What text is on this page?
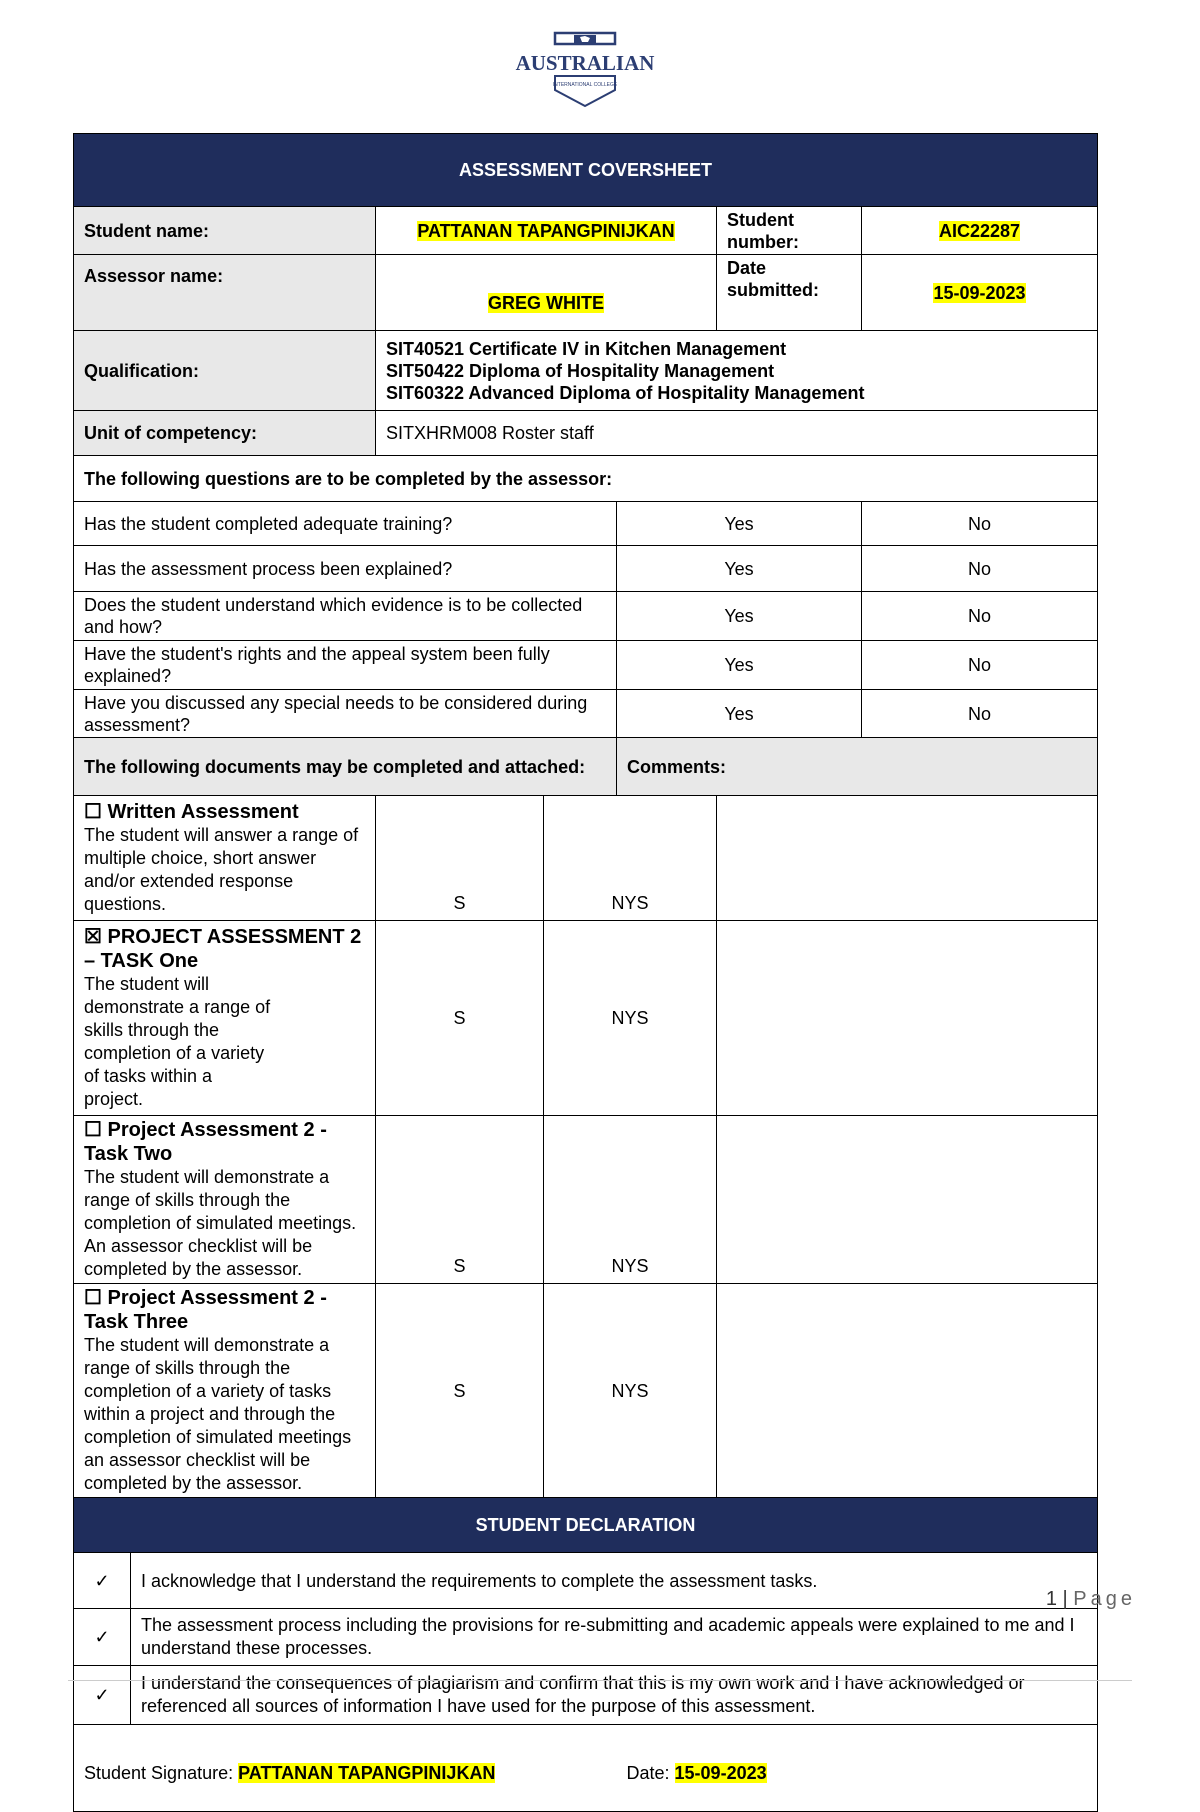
AUSTRALIAN
INTERNATIONAL COLLEGE
ASSESSMENT COVERSHEET
Student name:	PATTANAN TAPANGPINIJKAN	Student number:	AIC22287
Assessor name:	GREG WHITE	Date submitted:	15-09-2023
Qualification:	
SIT40521 Certificate IV in Kitchen Management
SIT50422 Diploma of Hospitality Management
SIT60322 Advanced Diploma of Hospitality Management

Unit of competency:	SITXHRM008 Roster staff
The following questions are to be completed by the assessor:
Has the student completed adequate training?	Yes	No
Has the assessment process been explained?	Yes	No
Does the student understand which evidence is to be collected and how?	Yes	No
Have the student's rights and the appeal system been fully explained?	Yes	No
Have you discussed any special needs to be considered during assessment?	Yes	No
The following documents may be completed and attached:	Comments:

☐ Written Assessment
The student will answer a range of multiple choice, short answer and/or extended response questions.	S	NYS	

☒ PROJECT ASSESSMENT 2 – TASK One
The student will demonstrate a range of skills through the completion of a variety of tasks within a project.
	S	NYS	

☐ Project Assessment 2 - Task Two
The student will demonstrate a range of skills through the completion of simulated meetings. An assessor checklist will be completed by the assessor.	S	NYS	

☐ Project Assessment 2 - Task Three
The student will demonstrate a range of skills through the completion of a variety of tasks within a project and through the completion of simulated meetings an assessor checklist will be completed by the assessor.
	S	NYS	
STUDENT DECLARATION

✓	I acknowledge that I understand the requirements to complete the assessment tasks.

✓	The assessment process including the provisions for re-submitting and academic appeals were explained to me and I understand these processes.

✓	I understand the consequences of plagiarism and confirm that this is my own work and I have acknowledged or referenced all sources of information I have used for the purpose of this assessment.

Student Signature: PATTANAN TAPANGPINIJKAN	Date: 15-09-2023
1 | Page
